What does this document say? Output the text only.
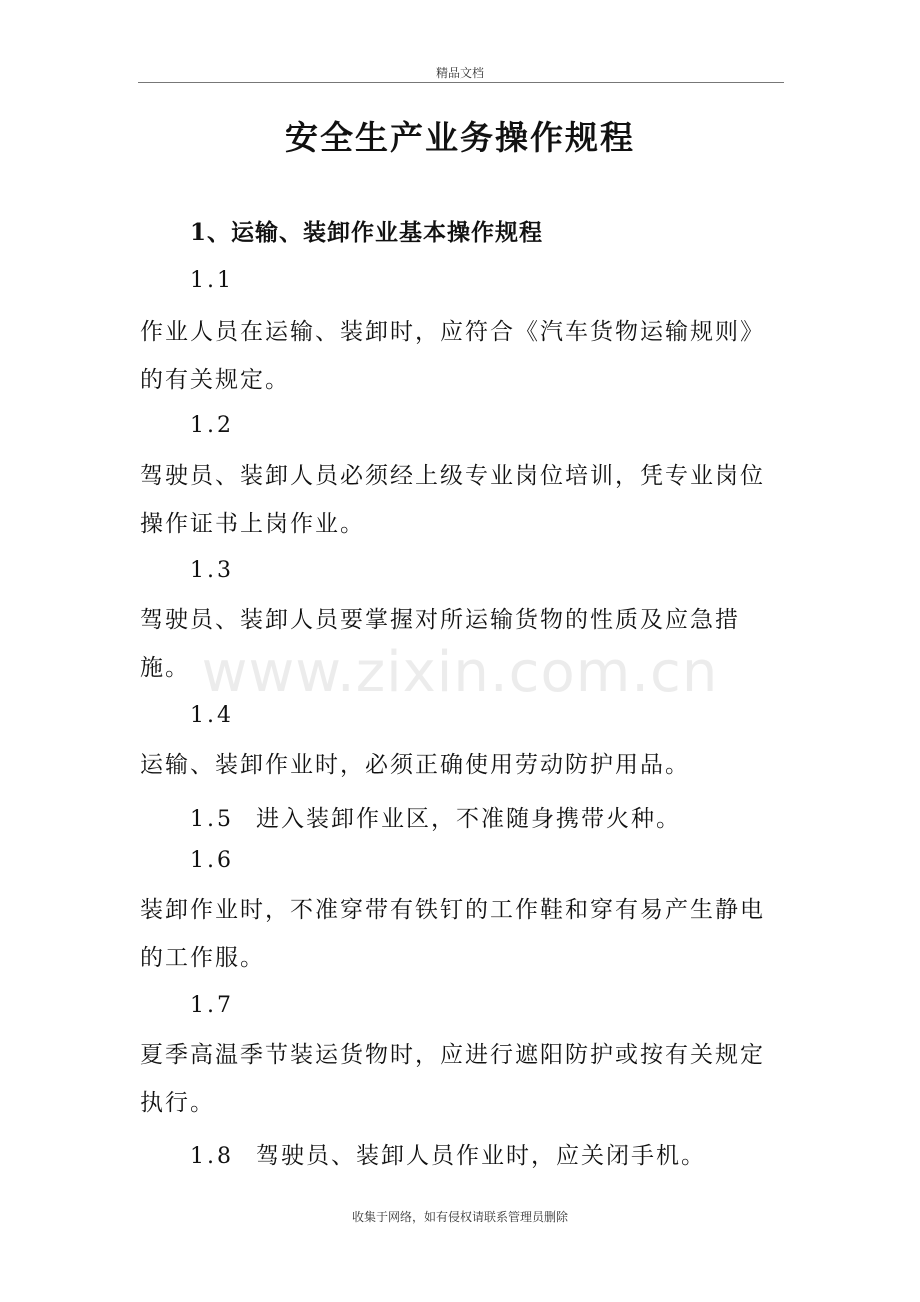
精品文档
安全生产业务操作规程
1、运输、装卸作业基本操作规程
1.1
作业人员在运输、装卸时，应符合《汽车货物运输规则》的有关规定。
1.2
驾驶员、装卸人员必须经上级专业岗位培训，凭专业岗位操作证书上岗作业。
1.3
驾驶员、装卸人员要掌握对所运输货物的性质及应急措施。
1.4
运输、装卸作业时，必须正确使用劳动防护用品。
1.5 进入装卸作业区，不准随身携带火种。
1.6
装卸作业时，不准穿带有铁钉的工作鞋和穿有易产生静电的工作服。
1.7
夏季高温季节装运货物时，应进行遮阳防护或按有关规定执行。
1.8 驾驶员、装卸人员作业时，应关闭手机。
www.zixin.com.cn
收集于网络，如有侵权请联系管理员删除
